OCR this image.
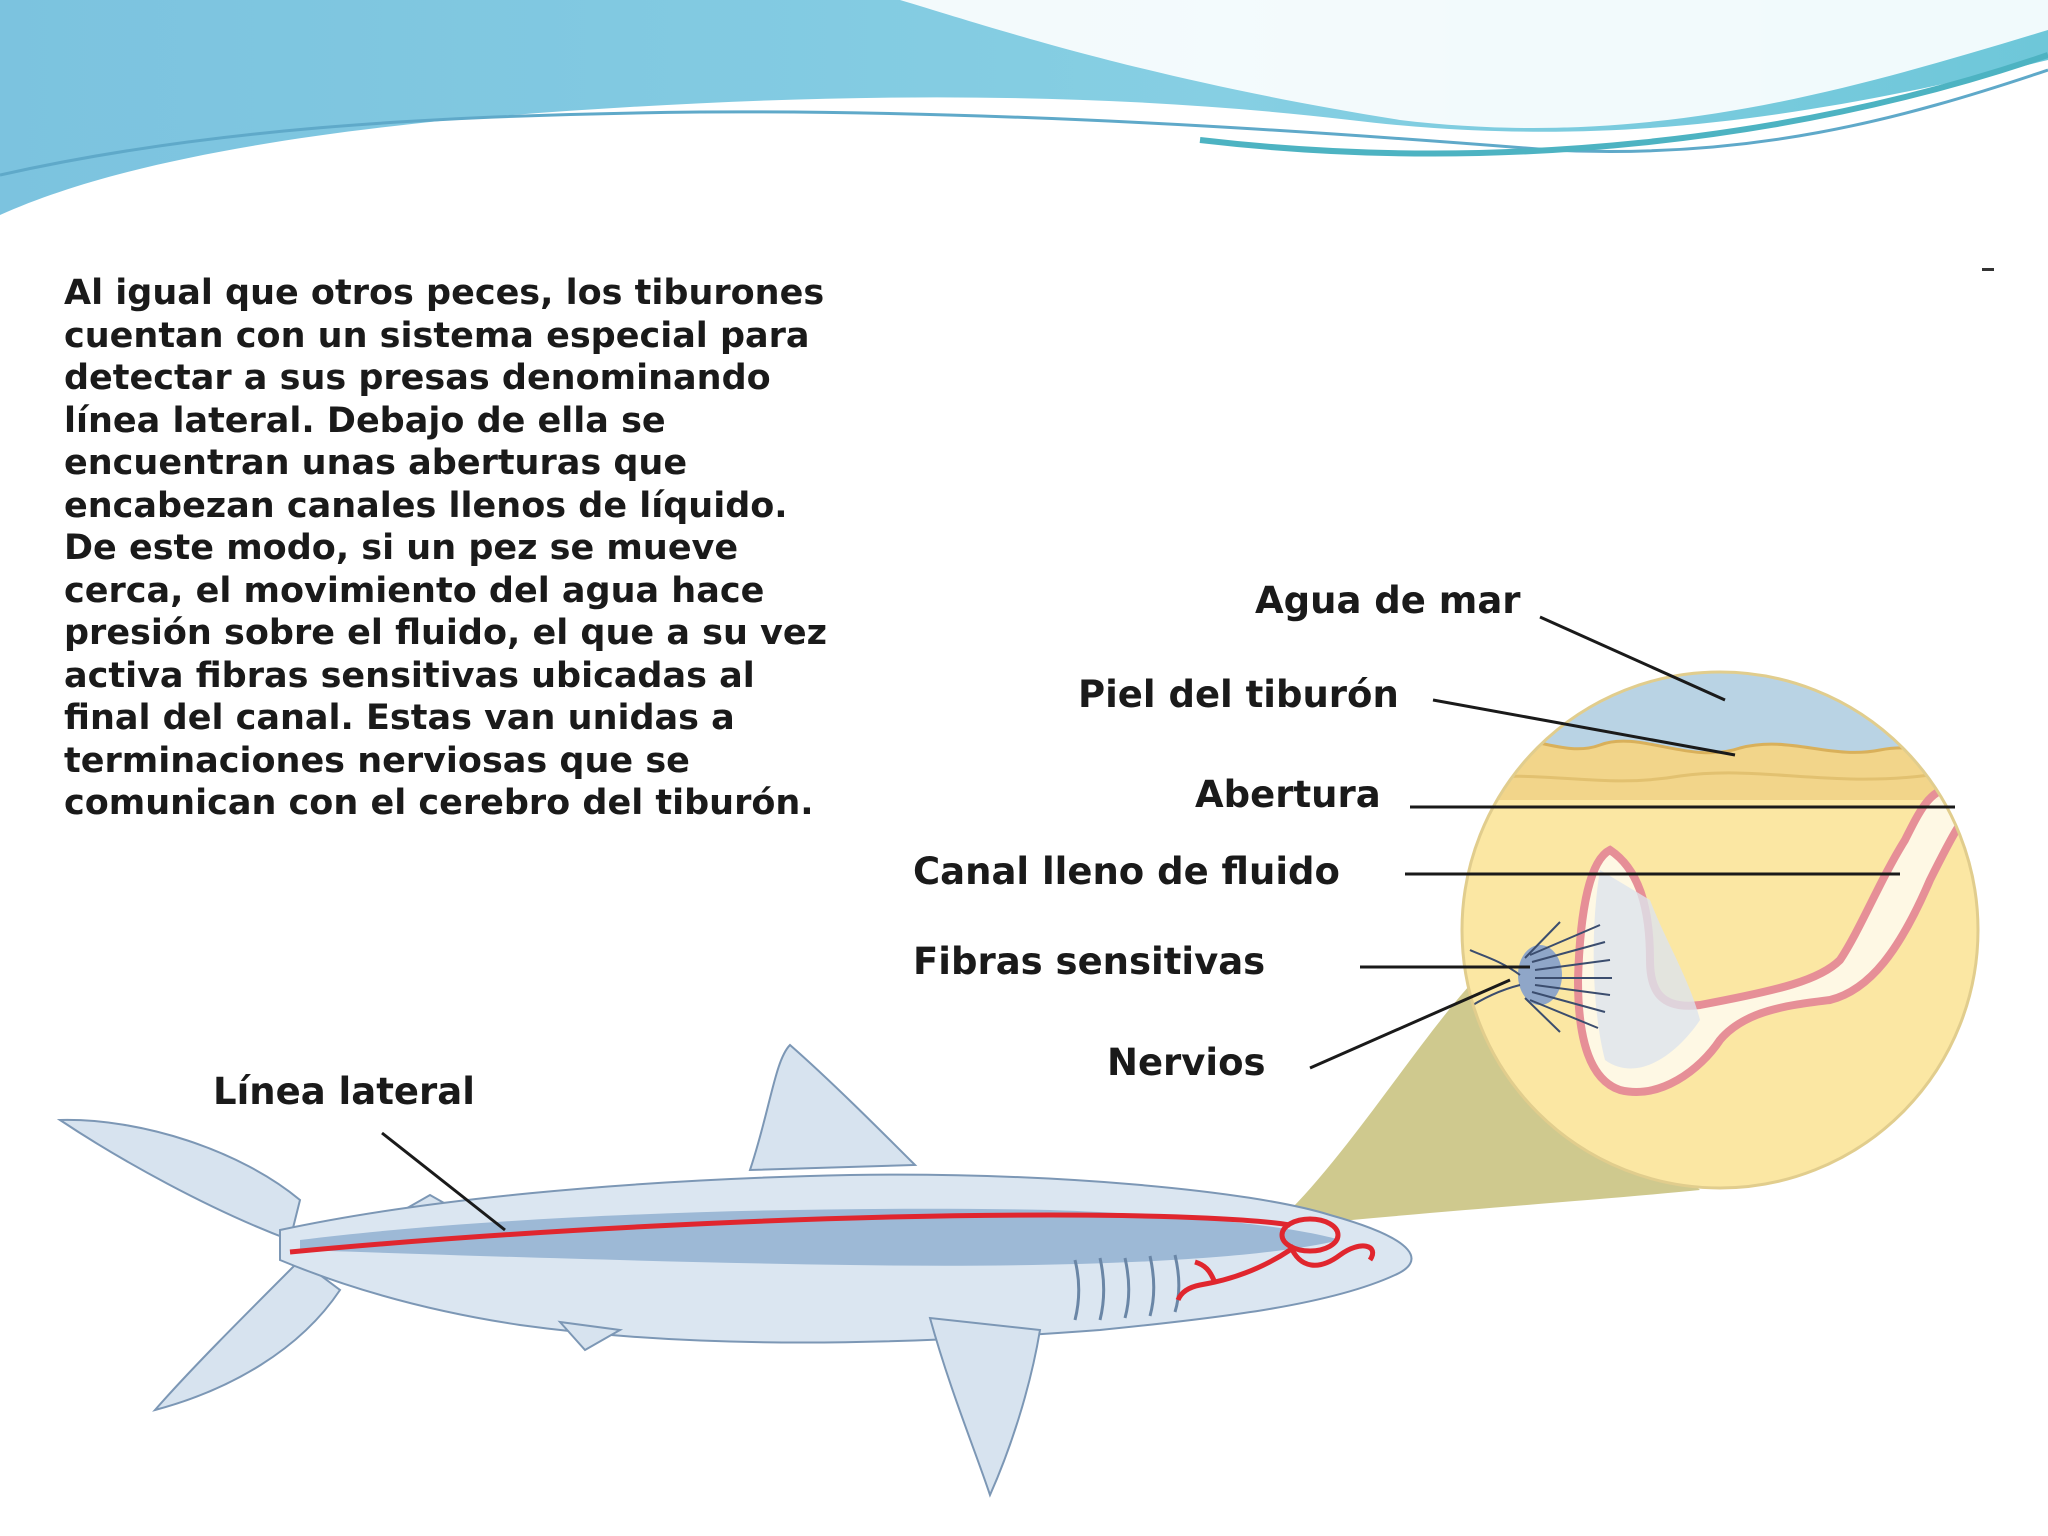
Agua de mar
Piel del tiburón
Abertura
Canal lleno de fluido
Fibras sensitivas
Nervios
Línea lateral
Al igual que otros peces, los tiburones
cuentan con un sistema especial para
detectar a sus presas denominando
línea lateral. Debajo de ella se
encuentran unas aberturas que
encabezan canales llenos de líquido.
De este modo, si un pez se mueve
cerca, el movimiento del agua hace
presión sobre el fluido, el que a su vez
activa fibras sensitivas ubicadas al
final del canal. Estas van unidas a
terminaciones nerviosas que se
comunican con el cerebro del tiburón.
